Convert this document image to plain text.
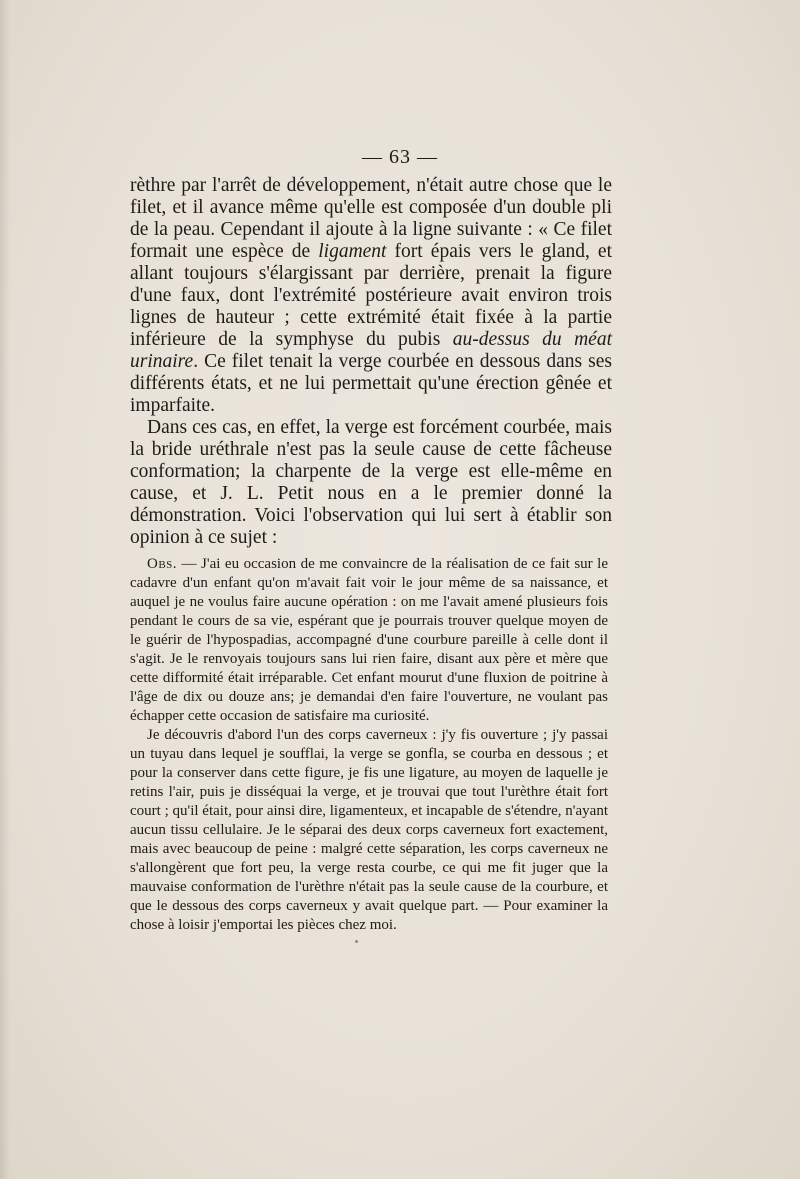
— 63 —

rèthre par l'arrêt de développement, n'était autre chose que le filet, et il avance même qu'elle est composée d'un double pli de la peau. Cependant il ajoute à la ligne suivante : « Ce filet formait une espèce de ligament fort épais vers le gland, et allant toujours s'élargissant par derrière, prenait la figure d'une faux, dont l'extrémité postérieure avait environ trois lignes de hauteur ; cette extrémité était fixée à la partie inférieure de la symphyse du pubis au-dessus du méat urinaire. Ce filet tenait la verge courbée en dessous dans ses différents états, et ne lui permettait qu'une érection gênée et imparfaite.

Dans ces cas, en effet, la verge est forcément courbée, mais la bride uréthrale n'est pas la seule cause de cette fâcheuse conformation; la charpente de la verge est elle-même en cause, et J. L. Petit nous en a le premier donné la démonstration. Voici l'observation qui lui sert à établir son opinion à ce sujet :

Obs. — J'ai eu occasion de me convaincre de la réalisation de ce fait sur le cadavre d'un enfant qu'on m'avait fait voir le jour même de sa naissance, et auquel je ne voulus faire aucune opération : on me l'avait amené plusieurs fois pendant le cours de sa vie, espérant que je pourrais trouver quelque moyen de le guérir de l'hypospadias, accompagné d'une courbure pareille à celle dont il s'agit. Je le renvoyais toujours sans lui rien faire, disant aux père et mère que cette difformité était irréparable. Cet enfant mourut d'une fluxion de poitrine à l'âge de dix ou douze ans; je demandai d'en faire l'ouverture, ne voulant pas échapper cette occasion de satisfaire ma curiosité.

Je découvris d'abord l'un des corps caverneux : j'y fis ouverture ; j'y passai un tuyau dans lequel je soufflai, la verge se gonfla, se courba en dessous ; et pour la conserver dans cette figure, je fis une ligature, au moyen de laquelle je retins l'air, puis je disséquai la verge, et je trouvai que tout l'urèthre était fort court ; qu'il était, pour ainsi dire, ligamenteux, et incapable de s'étendre, n'ayant aucun tissu cellulaire. Je le séparai des deux corps caverneux fort exactement, mais avec beaucoup de peine : malgré cette séparation, les corps caverneux ne s'allongèrent que fort peu, la verge resta courbe, ce qui me fit juger que la mauvaise conformation de l'urèthre n'était pas la seule cause de la courbure, et que le dessous des corps caverneux y avait quelque part. — Pour examiner la chose à loisir j'emportai les pièces chez moi.
